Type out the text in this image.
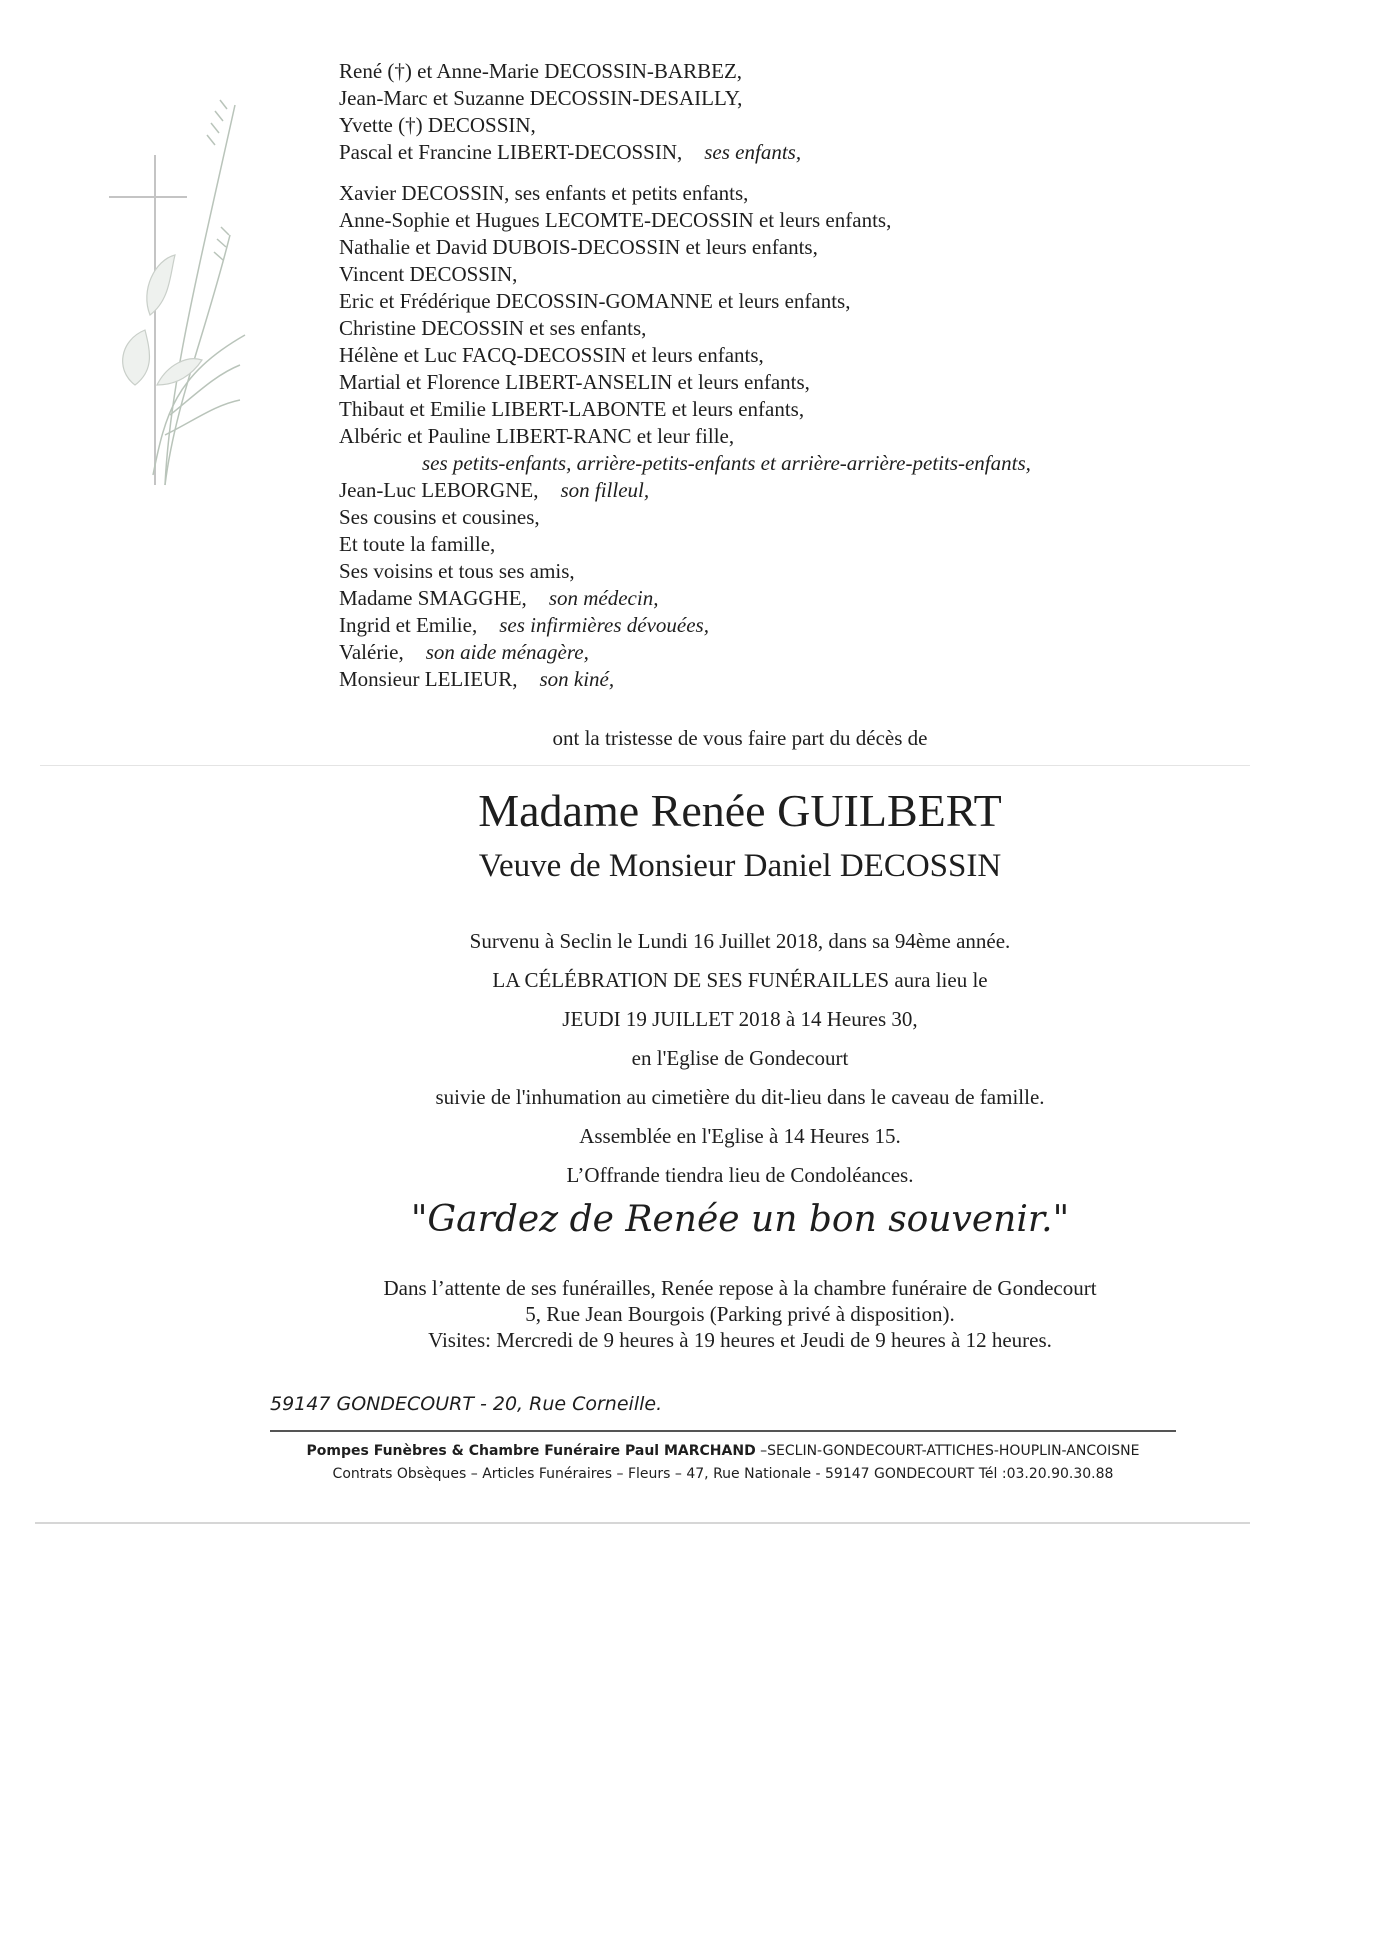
René (†) et Anne-Marie DECOSSIN-BARBEZ,
Jean-Marc et Suzanne DECOSSIN-DESAILLY,
Yvette (†) DECOSSIN,
Pascal et Francine LIBERT-DECOSSIN, ses enfants,
Xavier DECOSSIN, ses enfants et petits enfants,
Anne-Sophie et Hugues LECOMTE-DECOSSIN et leurs enfants,
Nathalie et David DUBOIS-DECOSSIN et leurs enfants,
Vincent DECOSSIN,
Eric et Frédérique DECOSSIN-GOMANNE et leurs enfants,
Christine DECOSSIN et ses enfants,
Hélène et Luc FACQ-DECOSSIN et leurs enfants,
Martial et Florence LIBERT-ANSELIN et leurs enfants,
Thibaut et Emilie LIBERT-LABONTE et leurs enfants,
Albéric et Pauline LIBERT-RANC et leur fille,
ses petits-enfants, arrière-petits-enfants et arrière-arrière-petits-enfants,
Jean-Luc LEBORGNE, son filleul,
Ses cousins et cousines,
Et toute la famille,
Ses voisins et tous ses amis,
Madame SMAGGHE, son médecin,
Ingrid et Emilie, ses infirmières dévouées,
Valérie, son aide ménagère,
Monsieur LELIEUR, son kiné,
ont la tristesse de vous faire part du décès de
Madame Renée GUILBERT
Veuve de Monsieur Daniel DECOSSIN
Survenu à Seclin le Lundi 16 Juillet 2018, dans sa 94ème année.
LA CÉLÉBRATION DE SES FUNÉRAILLES aura lieu le
JEUDI 19 JUILLET 2018 à 14 Heures 30,
en l'Eglise de Gondecourt
suivie de l'inhumation au cimetière du dit-lieu dans le caveau de famille.
Assemblée en l'Eglise à 14 Heures 15.
L’Offrande tiendra lieu de Condoléances.
"Gardez de Renée un bon souvenir."
Dans l’attente de ses funérailles, Renée repose à la chambre funéraire de Gondecourt
5, Rue Jean Bourgois (Parking privé à disposition).
Visites: Mercredi de 9 heures à 19 heures et Jeudi de 9 heures à 12 heures.
59147 GONDECOURT - 20, Rue Corneille.
Pompes Funèbres & Chambre Funéraire Paul MARCHAND –SECLIN-GONDECOURT-ATTICHES-HOUPLIN-ANCOISNE
Contrats Obsèques – Articles Funéraires – Fleurs – 47, Rue Nationale - 59147 GONDECOURT Tél :03.20.90.30.88
